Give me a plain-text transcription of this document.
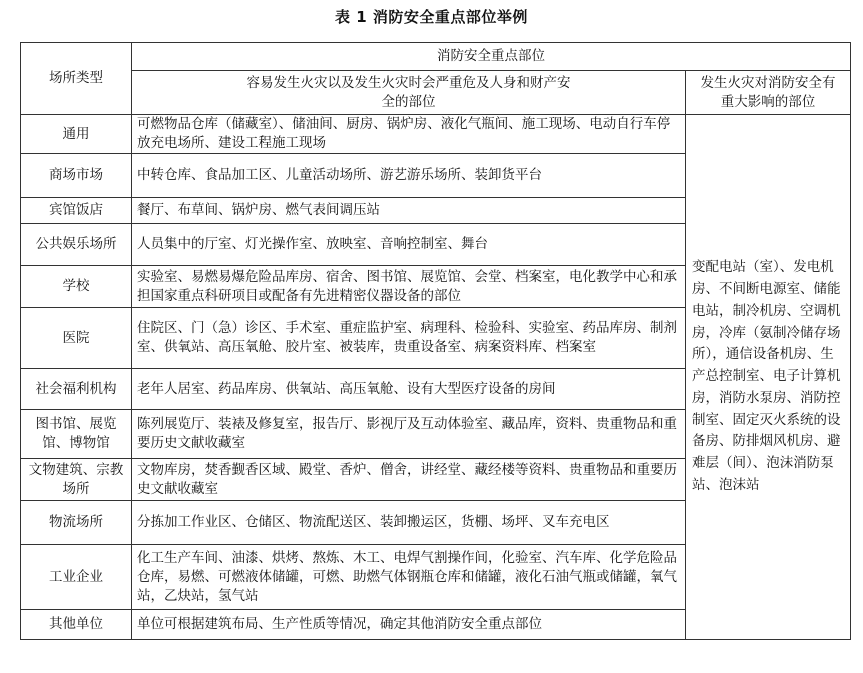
表 1 消防安全重点部位举例
场所类型	消防安全重点部位	
	容易发生火灾以及发生火灾时会严重危及人身和财产安全的部位	发生火灾对消防安全有重大影响的部位
通用	可燃物品仓库（储藏室）、储油间、厨房、锅炉房、液化气瓶间、施工现场、电动自行车停放充电场所、建设工程施工现场	变配电站（室）、发电机房、不间断电源室、储能电站，制冷机房、空调机房，冷库（氨制冷储存场所），通信设备机房、生产总控制室、电子计算机房，消防水泵房、消防控制室、固定灭火系统的设备房、防排烟风机房、避难层（间）、泡沫消防泵站、泡沫站
商场市场	中转仓库、食品加工区、儿童活动场所、游艺游乐场所、装卸货平台	
宾馆饭店	餐厅、布草间、锅炉房、燃气表间调压站	
公共娱乐场所	人员集中的厅室、灯光操作室、放映室、音响控制室、舞台	
学校	实验室、易燃易爆危险品库房、宿舍、图书馆、展览馆、会堂、档案室，电化教学中心和承担国家重点科研项目或配备有先进精密仪器设备的部位	
医院	住院区、门（急）诊区、手术室、重症监护室、病理科、检验科、实验室、药品库房、制剂室、供氧站、高压氧舱、胶片室、被装库，贵重设备室、病案资料库、档案室	
社会福利机构	老年人居室、药品库房、供氧站、高压氧舱、设有大型医疗设备的房间	
图书馆、展览馆、博物馆	陈列展览厅、装裱及修复室，报告厅、影视厅及互动体验室、藏品库，资料、贵重物品和重要历史文献收藏室	
文物建筑、宗教场所	文物库房，焚香觐香区域、殿堂、香炉、僧舍，讲经堂、藏经楼等资料、贵重物品和重要历史文献收藏室	
物流场所	分拣加工作业区、仓储区、物流配送区、装卸搬运区，货棚、场坪、叉车充电区	
工业企业	化工生产车间、油漆、烘烤、熬炼、木工、电焊气割操作间，化验室、汽车库、化学危险品仓库，易燃、可燃液体储罐，可燃、助燃气体钢瓶仓库和储罐，液化石油气瓶或储罐，氧气站，乙炔站，氢气站	
其他单位	单位可根据建筑布局、生产性质等情况，确定其他消防安全重点部位	
